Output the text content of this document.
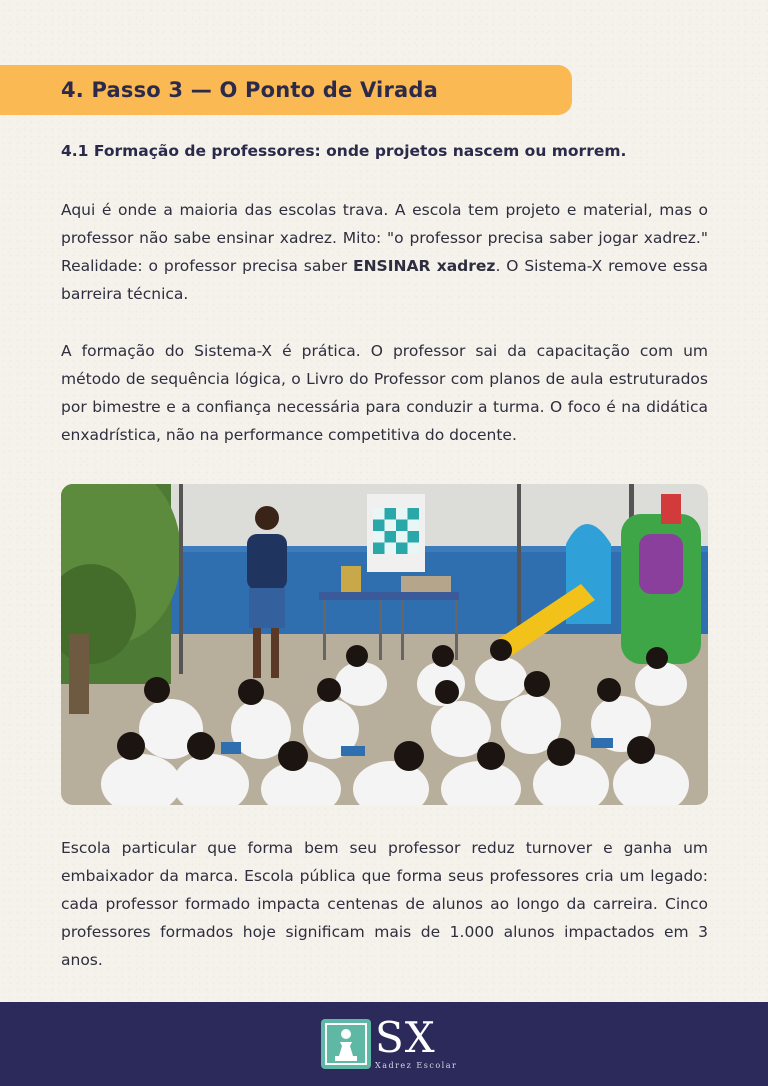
4. Passo 3 — O Ponto de Virada
4.1 Formação de professores: onde projetos nascem ou morrem.

Aqui é onde a maioria das escolas trava. A escola tem projeto e material, mas o professor não sabe ensinar xadrez. Mito: "o professor precisa saber jogar xadrez." Realidade: o professor precisa saber ENSINAR xadrez. O Sistema-X remove essa barreira técnica.

A formação do Sistema-X é prática. O professor sai da capacitação com um método de sequência lógica, o Livro do Professor com planos de aula estruturados por bimestre e a confiança necessária para conduzir a turma. O foco é na didática enxadrística, não na performance competitiva do docente.

Escola particular que forma bem seu professor reduz turnover e ganha um embaixador da marca. Escola pública que forma seus professores cria um legado: cada professor formado impacta centenas de alunos ao longo da carreira. Cinco professores formados hoje significam mais de 1.000 alunos impactados em 3 anos.

SX
Xadrez Escolar
